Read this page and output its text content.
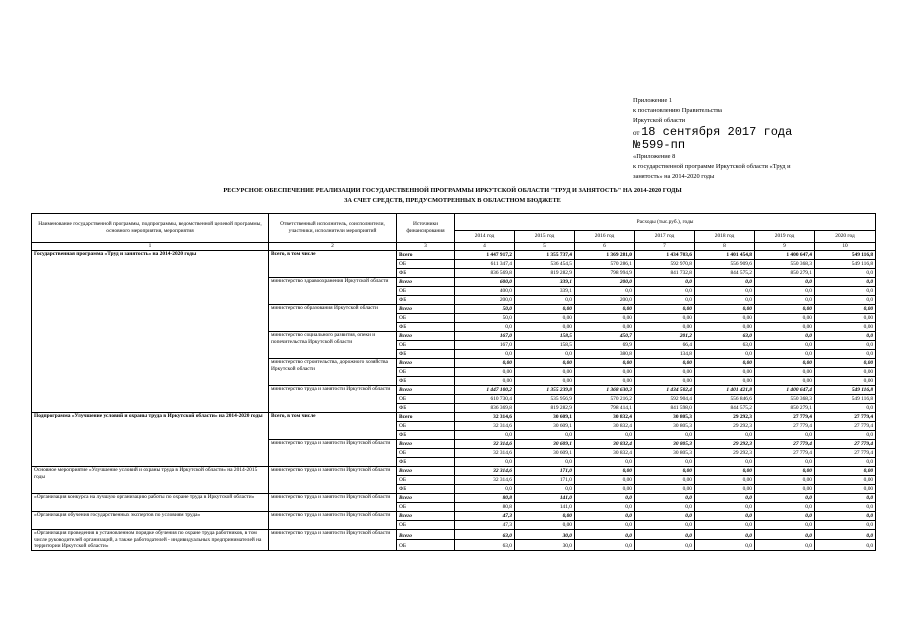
Приложение 1
к постановлению Правительства
Иркутской области
от 18 сентября 2017 года
№ 599-пп
«Приложение 8
к государственной программе Иркутской области «Труд и
занятость» на 2014-2020 годы
РЕСУРСНОЕ ОБЕСПЕЧЕНИЕ РЕАЛИЗАЦИИ ГОСУДАРСТВЕННОЙ ПРОГРАММЫ ИРКУТСКОЙ ОБЛАСТИ "ТРУД И ЗАНЯТОСТЬ" НА 2014-2020 ГОДЫ
ЗА СЧЕТ СРЕДСТВ, ПРЕДУСМОТРЕННЫХ В ОБЛАСТНОМ БЮДЖЕТЕ
Наименование государственной программы, подпрограммы, ведомственной целевой программы, основного мероприятия, мероприятия	Ответственный исполнитель, соисполнители, участники, исполнители мероприятий	Источники финансирования	Расходы (тыс.руб.), годы						
			2014 год	2015 год	2016 год	2017 год	2018 год	2019 год	2020 год
1	2	3	4	5	6	7	8	9	10
Государственная программа «Труд и занятость» на 2014-2020 годы	Всего, в том числе	Всего	1 447 917,2	1 355 737,4	1 369 281,0	1 434 703,6	1 401 454,8	1 400 647,4	549 116,8
		ОБ	611 347,4	536 454,5	570 286,1	592 970,8	556 909,6	550 368,3	549 116,8
		ФБ	836 569,8	819 282,9	798 994,9	841 732,8	844 575,2	850 279,1	0,0
	министерство здравоохранения Иркутской области	Всего	600,0	339,1	200,0	0,0	0,0	0,0	0,0
		ОБ	400,0	339,1	0,0	0,0	0,0	0,0	0,0
		ФБ	200,0	0,0	200,0	0,0	0,0	0,0	0,0
	министерство образования Иркутской области	Всего	50,0	0,00	0,00	0,00	0,00	0,00	0,00
		ОБ	50,0	0,00	0,00	0,00	0,00	0,00	0,00
		ФБ	0,0	0,00	0,00	0,00	0,00	0,00	0,00
	министерство социального развития, опеки и попечительства Иркутской области	Всего	167,0	158,5	450,7	201,2	63,0	0,0	0,0
		ОБ	167,0	158,5	69,9	66,4	63,0	0,0	0,0
		ФБ	0,0	0,0	380,8	134,8	0,0	0,0	0,0
	министерство строительства, дорожного хозяйства Иркутской области	Всего	0,00	0,00	0,00	0,00	0,00	0,00	0,00
		ОБ	0,00	0,00	0,00	0,00	0,00	0,00	0,00
		ФБ	0,00	0,00	0,00	0,00	0,00	0,00	0,00
	министерство труда и занятости Иркутской области	Всего	1 447 100,2	1 355 239,8	1 368 630,3	1 434 502,4	1 401 421,8	1 400 647,4	549 116,8
		ОБ	610 730,4	535 956,9	570 216,2	592 904,4	556 846,6	550 368,3	549 116,8
		ФБ	836 369,8	819 282,9	798 414,1	841 598,0	844 575,2	850 279,1	0,0
Подпрограмма «Улучшение условий и охраны труда в Иркутской области» на 2014-2020 годы	Всего, в том числе	Всего	32 314,6	30 609,1	30 832,4	30 805,3	29 292,3	27 779,4	27 779,4
		ОБ	32 314,6	30 609,1	30 832,4	30 805,3	29 292,3	27 779,4	27 779,4
		ФБ	0,0	0,0	0,0	0,0	0,0	0,0	0,0
	министерство труда и занятости Иркутской области	Всего	32 314,6	30 609,1	30 832,4	30 805,3	29 292,3	27 779,4	27 779,4
		ОБ	32 314,6	30 609,1	30 832,4	30 805,3	29 292,3	27 779,4	27 779,4
		ФБ	0,0	0,0	0,0	0,0	0,0	0,0	0,0
Основное мероприятие «Улучшение условий и охраны труда в Иркутской области» на 2014-2015 годы	министерство труда и занятости Иркутской области	Всего	32 314,6	171,0	0,00	0,00	0,00	0,00	0,00
		ОБ	32 314,6	171,0	0,00	0,00	0,00	0,00	0,00
		ФБ	0,0	0,0	0,00	0,00	0,00	0,00	0,00
«Организация конкурса на лучшую организацию работы по охране труда в Иркутской области»	министерство труда и занятости Иркутской области	Всего	80,8	141,0	0,0	0,0	0,0	0,0	0,0
		ОБ	80,8	141,0	0,0	0,0	0,0	0,0	0,0
«Организация обучения государственных экспертов по условиям труда»	министерство труда и занятости Иркутской области	Всего	47,3	0,00	0,0	0,0	0,0	0,0	0,0
		ОБ	47,3	0,00	0,0	0,0	0,0	0,0	0,0
«Организация проведения в установленном порядке обучения по охране труда работников, в том числе руководителей организаций, а также работодателей - индивидуальных предпринимателей на территории Иркутской области»	министерство труда и занятости Иркутской области	Всего	63,0	30,0	0,0	0,0	0,0	0,0	0,0
		ОБ	63,0	30,0	0,0	0,0	0,0	0,0	0,0
